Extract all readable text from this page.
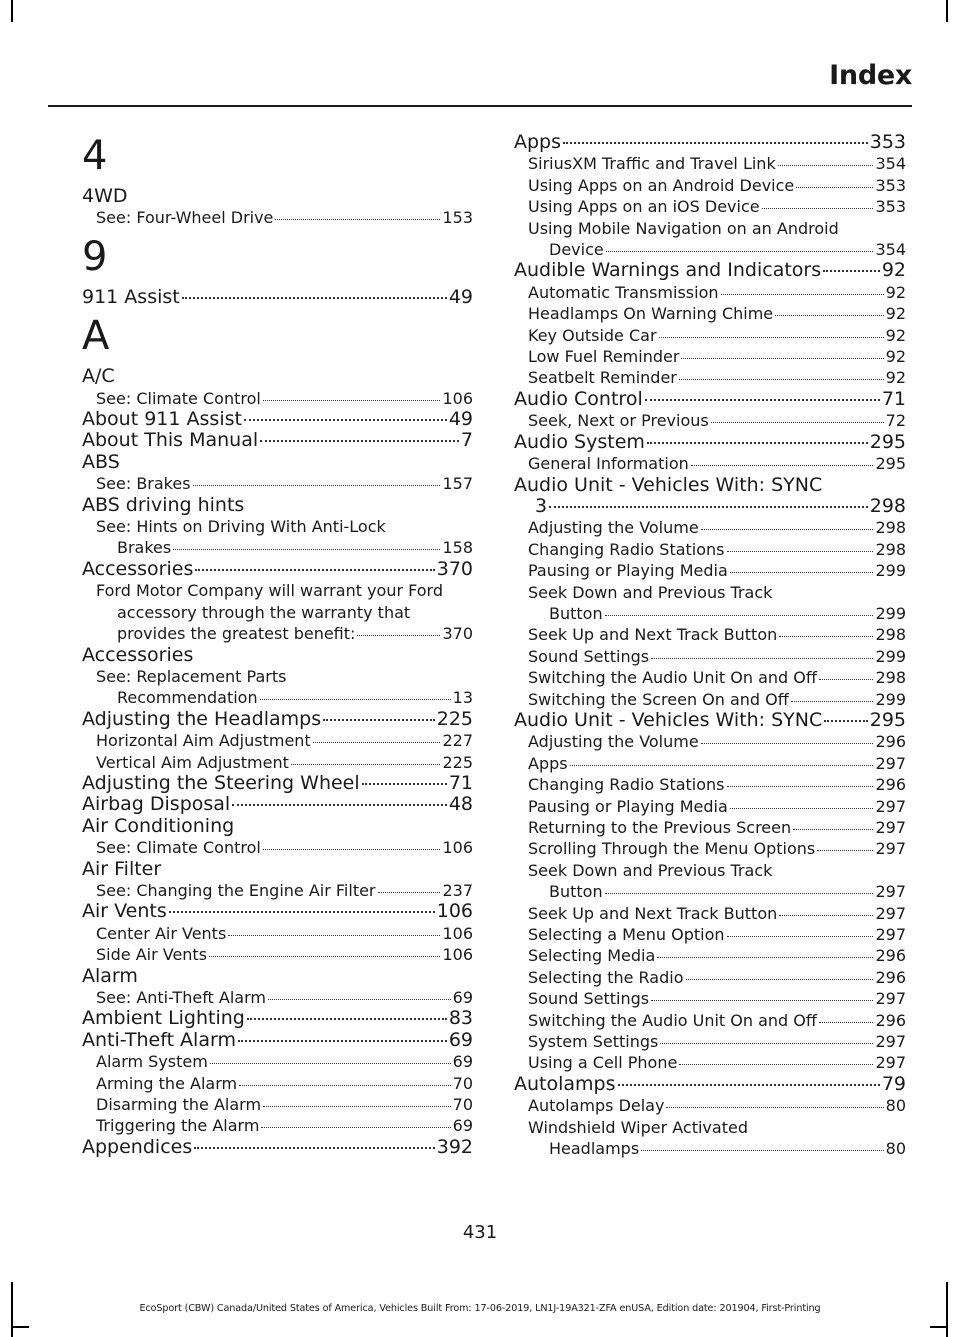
Index
4
4WD
See: Four-Wheel Drive	153
9
911 Assist	49
A
A/C
See: Climate Control	106
About 911 Assist	49
About This Manual	7
ABS
See: Brakes	157
ABS driving hints
See: Hints on Driving With Anti-Lock
Brakes	158
Accessories	370
Ford Motor Company will warrant your Ford
accessory through the warranty that
provides the greatest benefit:	370
Accessories
See: Replacement Parts
Recommendation	13
Adjusting the Headlamps	225
Horizontal Aim Adjustment	227
Vertical Aim Adjustment	225
Adjusting the Steering Wheel	71
Airbag Disposal	48
Air Conditioning
See: Climate Control	106
Air Filter
See: Changing the Engine Air Filter	237
Air Vents	106
Center Air Vents	106
Side Air Vents	106
Alarm
See: Anti-Theft Alarm	69
Ambient Lighting	83
Anti-Theft Alarm	69
Alarm System	69
Arming the Alarm	70
Disarming the Alarm	70
Triggering the Alarm	69
Appendices	392
Apps	353
SiriusXM Traffic and Travel Link	354
Using Apps on an Android Device	353
Using Apps on an iOS Device	353
Using Mobile Navigation on an Android
Device	354
Audible Warnings and Indicators	92
Automatic Transmission	92
Headlamps On Warning Chime	92
Key Outside Car	92
Low Fuel Reminder	92
Seatbelt Reminder	92
Audio Control	71
Seek, Next or Previous	72
Audio System	295
General Information	295
Audio Unit - Vehicles With: SYNC
3	298
Adjusting the Volume	298
Changing Radio Stations	298
Pausing or Playing Media	299
Seek Down and Previous Track
Button	299
Seek Up and Next Track Button	298
Sound Settings	299
Switching the Audio Unit On and Off	298
Switching the Screen On and Off	299
Audio Unit - Vehicles With: SYNC 295
Adjusting the Volume	296
Apps	297
Changing Radio Stations	296
Pausing or Playing Media	297
Returning to the Previous Screen	297
Scrolling Through the Menu Options	297
Seek Down and Previous Track
Button	297
Seek Up and Next Track Button	297
Selecting a Menu Option	297
Selecting Media	296
Selecting the Radio	296
Sound Settings	297
Switching the Audio Unit On and Off	296
System Settings	297
Using a Cell Phone	297
Autolamps	79
Autolamps Delay	80
Windshield Wiper Activated
Headlamps	80
431
EcoSport (CBW) Canada/United States of America, Vehicles Built From: 17-06-2019, LN1J-19A321-ZFA enUSA, Edition date: 201904, First-Printing
